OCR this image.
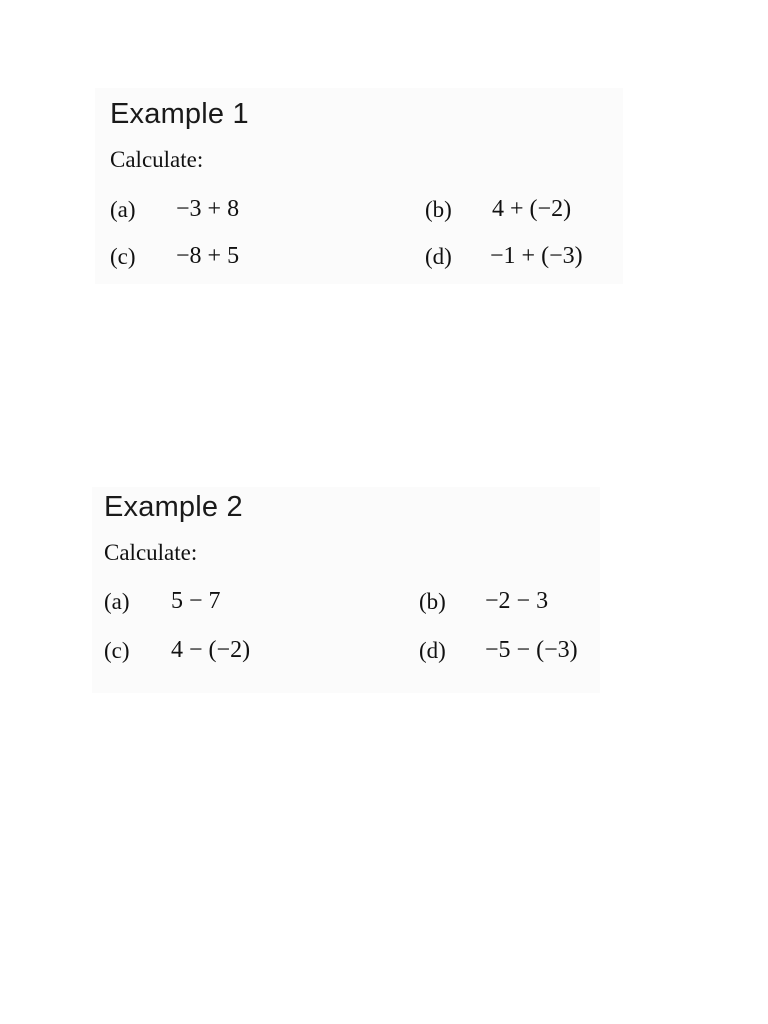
Example 1
Calculate:
(a) −3 + 8	(b) 4 + (−2)
(c) −8 + 5	(d) −1 + (−3)
Example 2
Calculate:
(a) 5 − 7	(b) −2 − 3
(c) 4 − (−2)	(d) −5 − (−3)
